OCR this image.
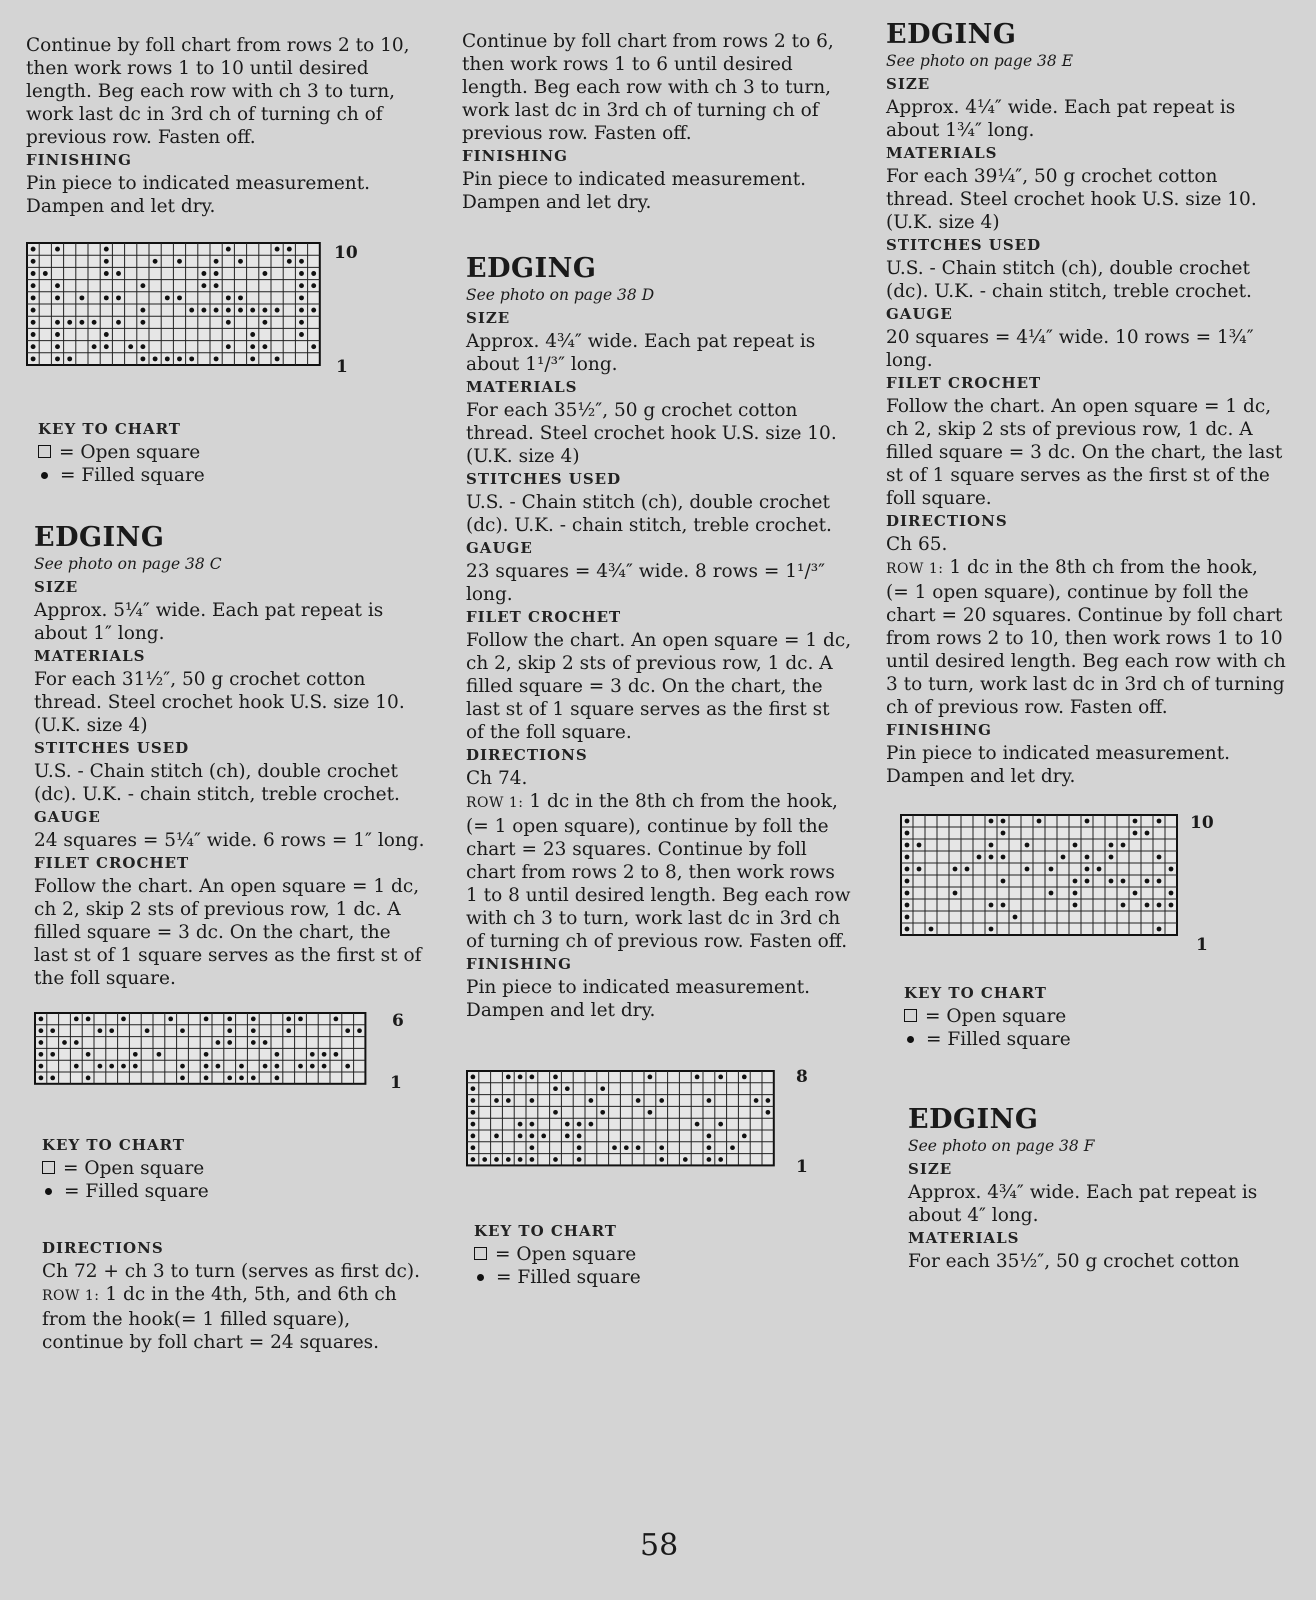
Continue by foll chart from rows 2 to 10, then work rows 1 to 10 until desired length. Beg each row with ch 3 to turn, work last dc in 3rd ch of turning ch of previous row. Fasten off.

FINISHING

Pin piece to indicated measurement. Dampen and let dry.

10
1

KEY TO CHART

= Open square

= Filled square

EDGING

See photo on page 38 C

SIZE

Approx. 5¼″ wide. Each pat repeat is about 1″ long.

MATERIALS

For each 31½″, 50 g crochet cotton thread. Steel crochet hook U.S. size 10. (U.K. size 4)

STITCHES USED

U.S. - Chain stitch (ch), double crochet (dc). U.K. - chain stitch, treble crochet.

GAUGE

24 squares = 5¼″ wide. 6 rows = 1″ long.

FILET CROCHET

Follow the chart. An open square = 1 dc, ch 2, skip 2 sts of previous row, 1 dc. A filled square = 3 dc. On the chart, the last st of 1 square serves as the first st of the foll square.

6
1

KEY TO CHART

= Open square

= Filled square

DIRECTIONS

Ch 72 + ch 3 to turn (serves as first dc).

ROW 1: 1 dc in the 4th, 5th, and 6th ch from the hook(= 1 filled square), continue by foll chart = 24 squares.

Continue by foll chart from rows 2 to 6, then work rows 1 to 6 until desired length. Beg each row with ch 3 to turn, work last dc in 3rd ch of turning ch of previous row. Fasten off.

FINISHING

Pin piece to indicated measurement. Dampen and let dry.

EDGING

See photo on page 38 D

SIZE

Approx. 4¾″ wide. Each pat repeat is about 1¹/³″ long.

MATERIALS

For each 35½″, 50 g crochet cotton thread. Steel crochet hook U.S. size 10. (U.K. size 4)

STITCHES USED

U.S. - Chain stitch (ch), double crochet (dc). U.K. - chain stitch, treble crochet.

GAUGE

23 squares = 4¾″ wide. 8 rows = 1¹/³″ long.

FILET CROCHET

Follow the chart. An open square = 1 dc, ch 2, skip 2 sts of previous row, 1 dc. A filled square = 3 dc. On the chart, the last st of 1 square serves as the first st of the foll square.

DIRECTIONS

Ch 74.

ROW 1: 1 dc in the 8th ch from the hook, (= 1 open square), continue by foll the chart = 23 squares. Continue by foll chart from rows 2 to 8, then work rows 1 to 8 until desired length. Beg each row with ch 3 to turn, work last dc in 3rd ch of turning ch of previous row. Fasten off.

FINISHING

Pin piece to indicated measurement. Dampen and let dry.

8
1

KEY TO CHART

= Open square

= Filled square

EDGING

See photo on page 38 E

SIZE

Approx. 4¼″ wide. Each pat repeat is about 1¾″ long.

MATERIALS

For each 39¼″, 50 g crochet cotton thread. Steel crochet hook U.S. size 10. (U.K. size 4)

STITCHES USED

U.S. - Chain stitch (ch), double crochet (dc). U.K. - chain stitch, treble crochet.

GAUGE

20 squares = 4¼″ wide. 10 rows = 1¾″ long.

FILET CROCHET

Follow the chart. An open square = 1 dc, ch 2, skip 2 sts of previous row, 1 dc. A filled square = 3 dc. On the chart, the last st of 1 square serves as the first st of the foll square.

DIRECTIONS

Ch 65.

ROW 1: 1 dc in the 8th ch from the hook, (= 1 open square), continue by foll the chart = 20 squares. Continue by foll chart from rows 2 to 10, then work rows 1 to 10 until desired length. Beg each row with ch 3 to turn, work last dc in 3rd ch of turning ch of previous row. Fasten off.

FINISHING

Pin piece to indicated measurement. Dampen and let dry.

10
1

KEY TO CHART

= Open square

= Filled square

EDGING

See photo on page 38 F

SIZE

Approx. 4¾″ wide. Each pat repeat is about 4″ long.

MATERIALS

For each 35½″, 50 g crochet cotton

58
